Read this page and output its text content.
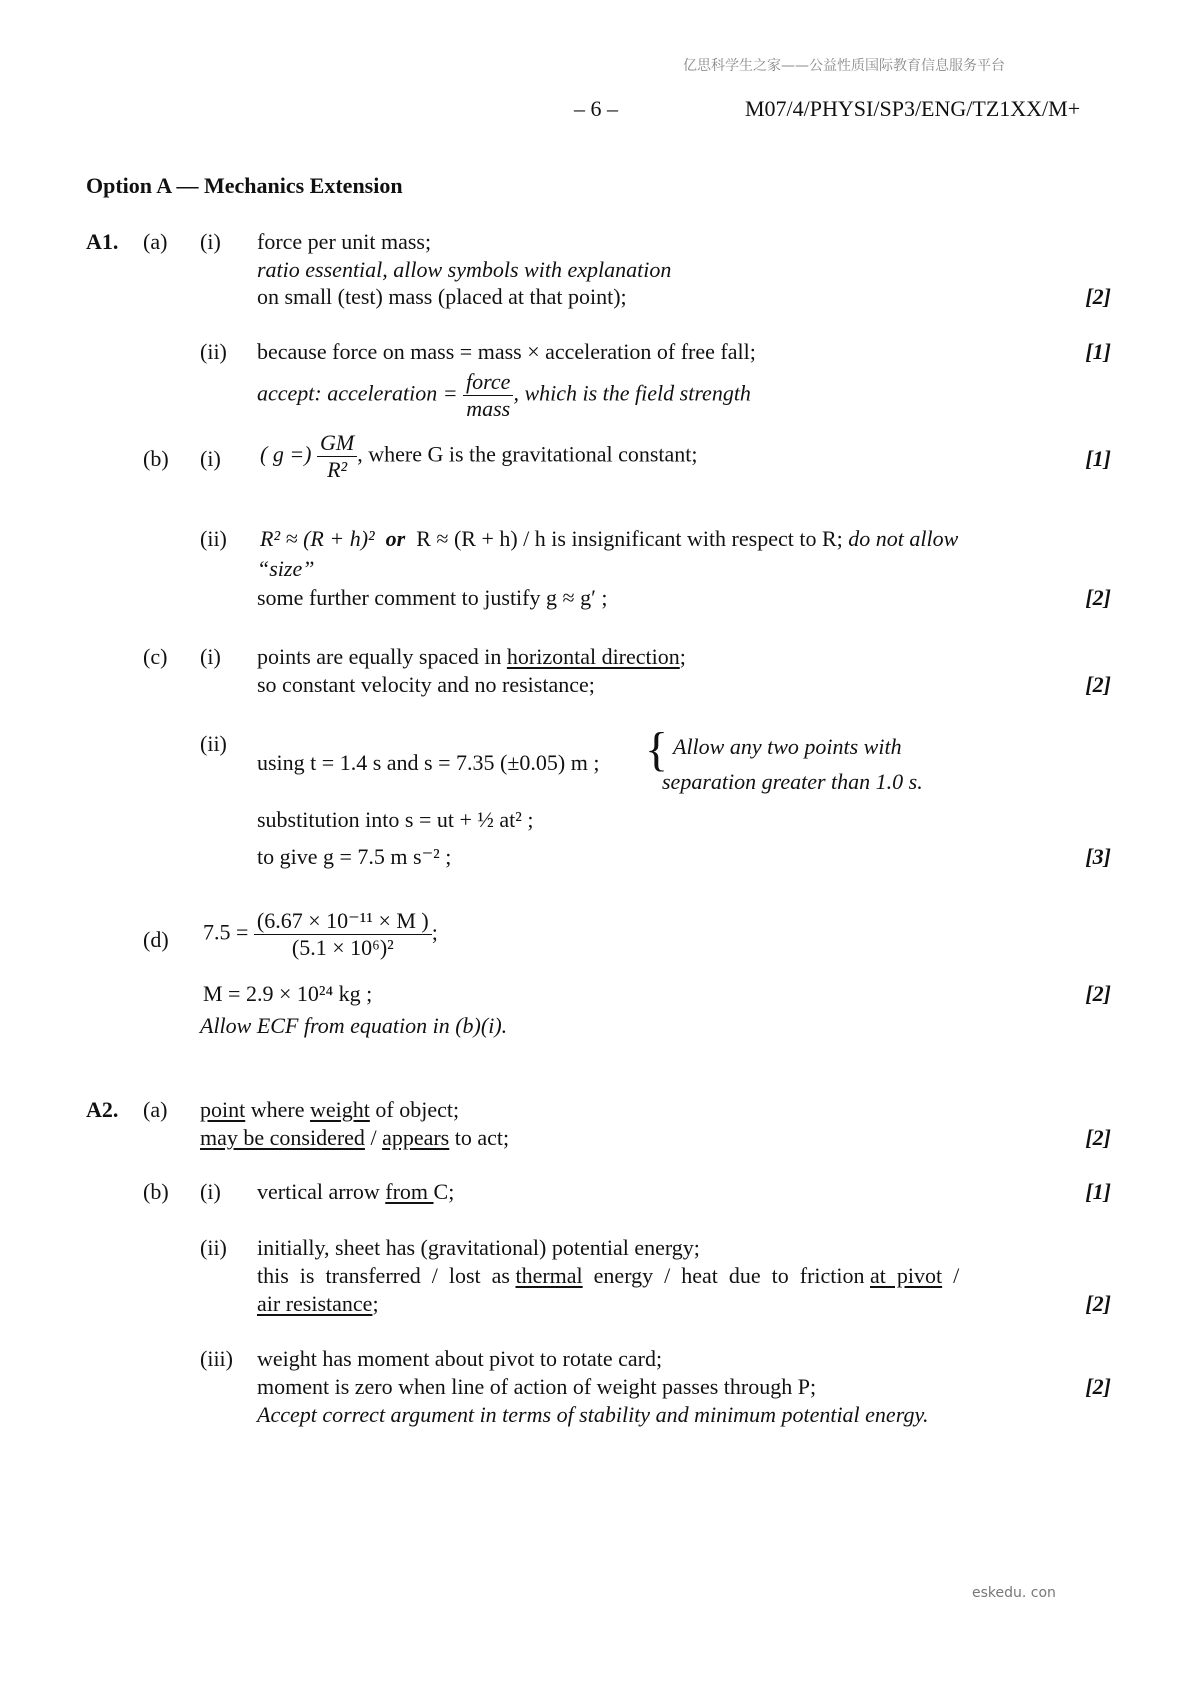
亿思科学生之家——公益性质国际教育信息服务平台
– 6 –	M07/4/PHYSI/SP3/ENG/TZ1XX/M+
Option A — Mechanics Extension
A1. (a) (i) force per unit mass;
ratio essential, allow symbols with explanation
on small (test) mass (placed at that point);	[2]
(ii) because force on mass = mass × acceleration of free fall;	[1]
accept: acceleration = $\frac{\text{force}}{\text{mass}}$ , which is the field strength
(b) (i) ( g =) $\frac{GM}{\text{R²}}$ , where G is the gravitational constant;	[1]
(ii) R² ≈ (R + h)² or R ≈ (R + h) / h is insignificant with respect to R; do not allow
“size”
some further comment to justify g ≈ g′ ;	[2]
(c) (i) points are equally spaced in horizontal direction;
so constant velocity and no resistance;	[2]
(ii)
using t = 1.4 s and s = 7.35 (±0.05) m ; { Allow any two points with
separation greater than 1.0 s.
substitution into s = ut + ½ at² ;
to give g = 7.5 m s⁻² ;	[3]
(d) $7.5 = \frac{\text{(6.67 × 10⁻¹¹ × M )}}{\text{(5.1 × 10⁶)²}}$ ;
M = 2.9 × 10²⁴ kg ;	[2]
Allow ECF from equation in (b)(i).
A2. (a) point where weight of object;
may be considered / appears to act;	[2]
(b) (i) vertical arrow from C;	[1]
(ii) initially, sheet has (gravitational) potential energy;
this  is  transferred  /  lost  as thermal  energy  /  heat  due  to  friction at  pivot  /
air resistance;	[2]
(iii) weight has moment about pivot to rotate card;
moment is zero when line of action of weight passes through P;	[2]
Accept correct argument in terms of stability and minimum potential energy.
eskedu. con
